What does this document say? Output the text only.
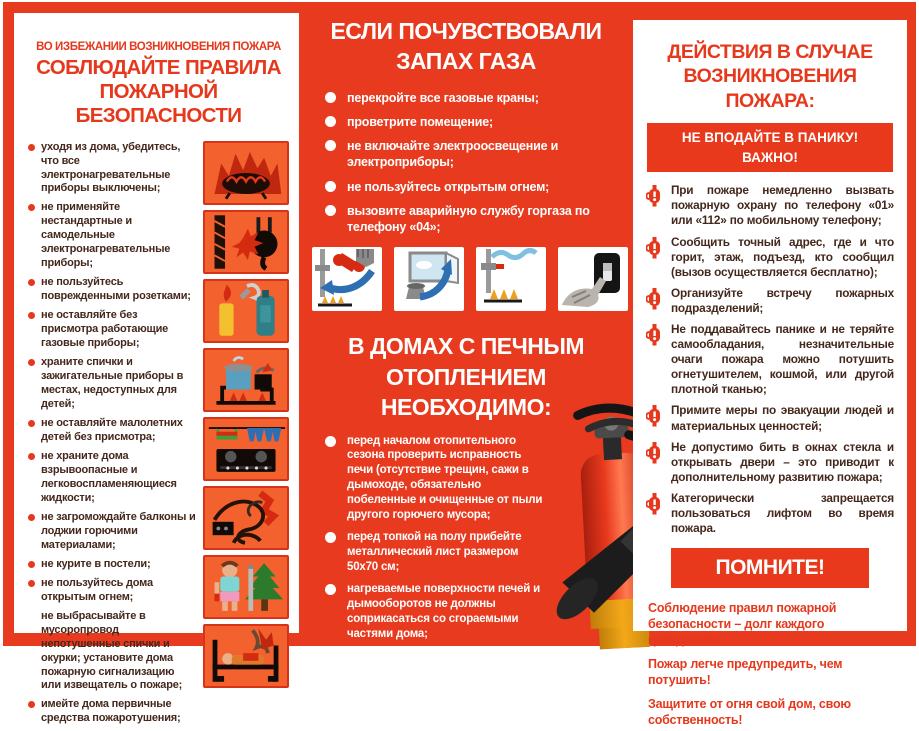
ВО ИЗБЕЖАНИИ ВОЗНИКНОВЕНИЯ ПОЖАРА
СОБЛЮДАЙТЕ ПРАВИЛА ПОЖАРНОЙ БЕЗОПАСНОСТИ
уходя из дома, убедитесь, что все электронагревательные приборы выключены;
не применяйте нестандартные и самодельные электронагревательные приборы;
не пользуйтесь поврежденными розетками;
не оставляйте без присмотра работающие газовые приборы;
храните спички и зажигательные приборы в местах, недоступных для детей;
не оставляйте малолетних детей без присмотра;
не храните дома взрывоопасные и легковоспламеняющиеся жидкости;
не загромождайте балконы и лоджии горючими материалами;
не курите в постели;
не пользуйтесь дома открытым огнем;
не выбрасывайте в мусоропровод непотушенные спички и окурки; установите дома пожарную сигнализацию или извещатель о пожаре;
имейте дома первичные средства пожаротушения;
ЕСЛИ ПОЧУВСТВОВАЛИ ЗАПАХ ГАЗА
перекройте все газовые краны;
проветрите помещение;
не включайте электроосвещение и электроприборы;
не пользуйтесь открытым огнем;
вызовите аварийную службу горгаза по телефону «04»;
В ДОМАХ С ПЕЧНЫМ ОТОПЛЕНИЕМ НЕОБХОДИМО:
перед началом отопительного сезона проверить исправность печи (отсутствие трещин, сажи в дымоходе, обязательно побеленные и очищенные от пыли другого горючего мусора;
перед топкой на полу прибейте металлический лист размером 50х70 см;
нагреваемые поверхности печей и дымооборотов не должны соприкасаться со сгораемыми частями дома;
минимальное расстояние от печи до мебели – 1,25 м;
следите за тем, чтобы дверь топки была плотно закрыта;
ДЕЙСТВИЯ В СЛУЧАЕ ВОЗНИКНОВЕНИЯ ПОЖАРА:
НЕ ВПОДАЙТЕ В ПАНИКУ!
ВАЖНО!
При пожаре немедленно вызвать пожарную охрану по телефону «01» или «112» по мобильному телефону;
Сообщить точный адрес, где и что горит, этаж, подъезд, кто сообщил (вызов осуществляется бесплатно);
Организуйте встречу пожарных подразделений;
Не поддавайтесь панике и не теряйте самообладания, незначительные очаги пожара можно потушить огнетушителем, кошмой, или другой плотной тканью;
Примите меры по эвакуации людей и материальных ценностей;
Не допустимо бить в окнах стекла и открывать двери – это приводит к дополнительному развитию пожара;
Категорически запрещается пользоваться лифтом во время пожара.
ПОМНИТЕ!
Соблюдение правил пожарной безопасности – долг каждого гражданина.
Пожар легче предупредить, чем потушить!
Защитите от огня свой дом, свою собственность!
